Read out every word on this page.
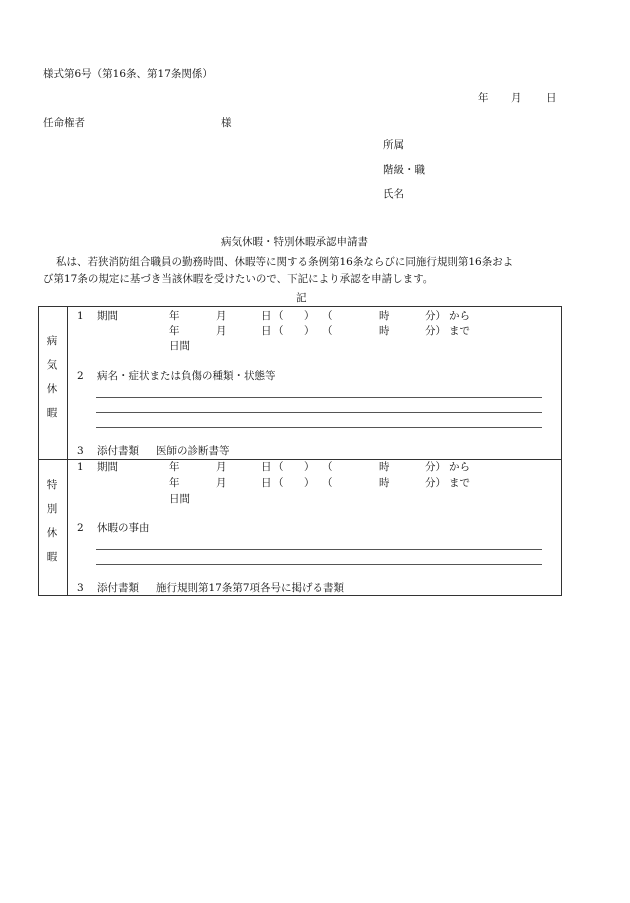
様式第6号（第16条、第17条関係）
年 月 日
任命権者	様
所属
階級・職
氏名
病気休暇・特別休暇承認申請書
私は、若狭消防組合職員の勤務時間、休暇等に関する条例第16条ならびに同施行規則第16条およ
び第17条の規定に基づき当該休暇を受けたいので、下記により承認を申請します。
記
病
気
休
暇
1 期間	年	月	日 （ ） （	時	分） から
年	月	日 （ ） （	時	分） まで
日間
2 病名・症状または負傷の種類・状態等
3 添付書類 医師の診断書等
特
別
休
暇
1 期間	年	月	日 （ ） （	時	分） から
年	月	日 （ ） （	時	分） まで
日間
2 休暇の事由
3 添付書類 施行規則第17条第7項各号に掲げる書類
